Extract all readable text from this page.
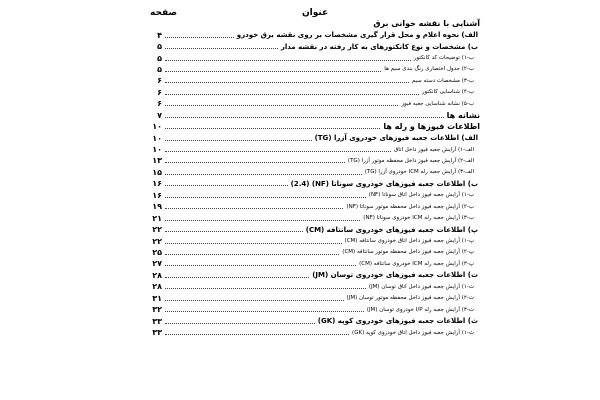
عنوان
صفحه
آشنایی با نقشه خوانی برق
الف) نحوه اعلام و محل قرار گیری مشخصات بر روی نقشه برق خودرو
۴
ب) مشخصات و نوع کانکتورهای به کار رفته در نقشه مدار
۵
ب-۱) توضیحات کد کانکتور
۵
ب-۲) جدول اختصاری رنگ بندی سیم ها
۵
ب-۳) مشخصات دسته سیم
۶
ب-۴) شناسایی کانکتور
۶
ب-۵) نشانه شناسایی جعبه فیوز
۶
نشانه ها
۷
اطلاعات فیوزها و رله ها
۱۰
الف) اطلاعات جعبه فیوزهای خودروی آزرا (TG)
۱۰
الف-۱) آرایش جعبه فیوز داخل اتاق
۱۰
الف-۲) آرایش جعبه فیوز داخل محفظه موتور آزرا (TG)
۱۳
الف-۳) آرایش جعبه رله ICM خودروی آزرا (TG)
۱۵
ب) اطلاعات جعبه فیوزهای خودروی سوناتا (NF) (2.4)
۱۶
ب-۱) آرایش جعبه فیوز داخل اتاق سوناتا (NF)
۱۶
ب-۲) آرایش جعبه فیوز داخل محفظه موتور سوناتا (NF)
۱۹
ب-۳) آرایش جعبه رله ICM خودروی سوناتا (NF)
۲۱
پ) اطلاعات جعبه فیوزهای خودروی سانتافه (CM)
۲۲
پ-۱) آرایش جعبه فیوز داخل اتاق خودروی سانتافه (CM)
۲۲
پ-۲) آرایش جعبه فیوز داخل محفظه موتور سانتافه (CM)
۲۵
پ-۳) آرایش جعبه رله ICM خودروی سانتافه (CM)
۲۷
ت) اطلاعات جعبه فیوزهای خودروی توسان (JM)
۲۸
ت-۱) آرایش جعبه فیوز داخل اتاق توسان (JM)
۲۸
ت-۲) آرایش جعبه فیوز داخل محفظه موتور توسان (JM)
۳۱
ت-۳) آرایش جعبه رله I/P خودروی توسان (JM)
۳۲
ث) اطلاعات جعبه فیوزهای خودروی کوپه (GK)
۳۳
ث-۱) آرایش جعبه فیوز داخل اتاق خودروی کوپه (GK)
۳۳
